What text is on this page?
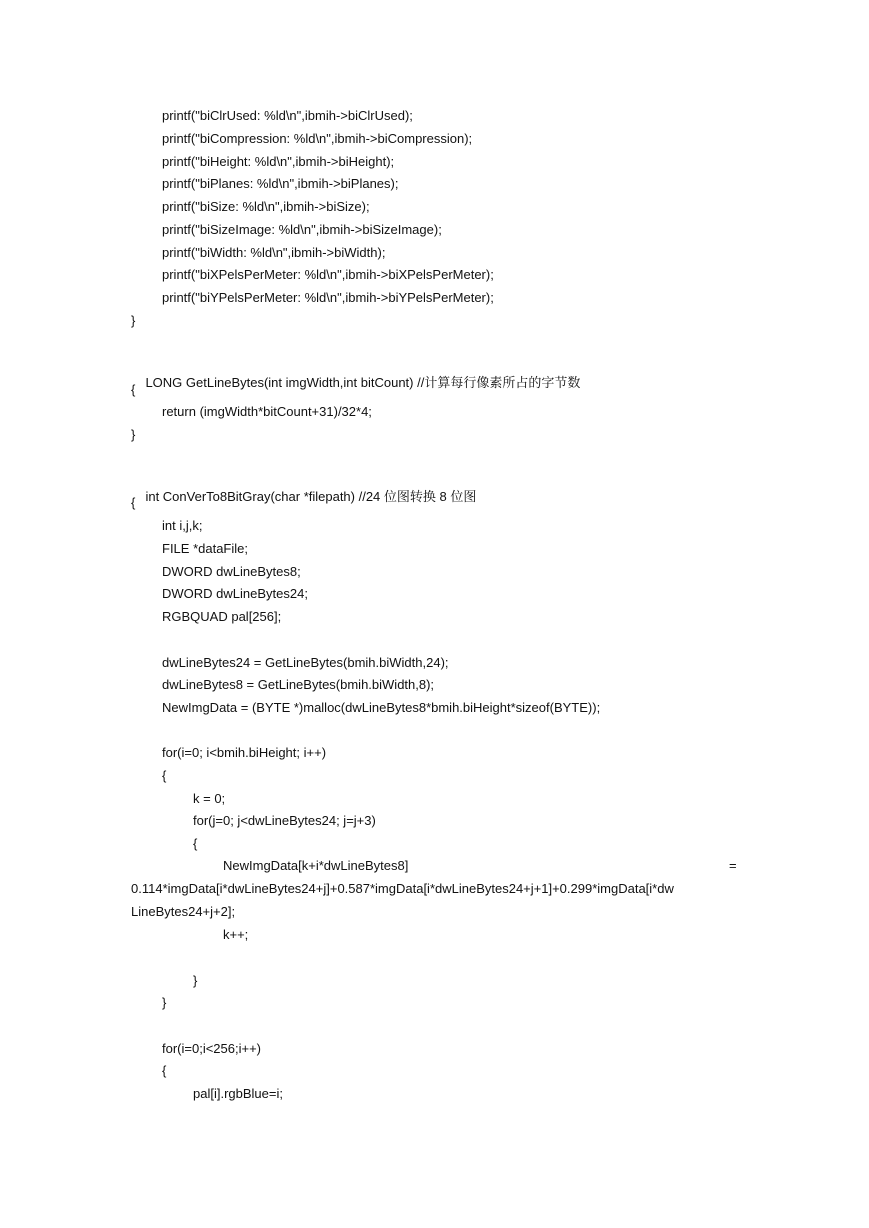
printf("biClrUsed: %ld\n",ibmih->biClrUsed);
printf("biCompression: %ld\n",ibmih->biCompression);
printf("biHeight: %ld\n",ibmih->biHeight);
printf("biPlanes: %ld\n",ibmih->biPlanes);
printf("biSize: %ld\n",ibmih->biSize);
printf("biSizeImage: %ld\n",ibmih->biSizeImage);
printf("biWidth: %ld\n",ibmih->biWidth);
printf("biXPelsPerMeter: %ld\n",ibmih->biXPelsPerMeter);
printf("biYPelsPerMeter: %ld\n",ibmih->biYPelsPerMeter);
}

LONG GetLineBytes(int imgWidth,int bitCount) //计算每行像素所占的字节数

{
return (imgWidth*bitCount+31)/32*4;
}

int ConVerTo8BitGray(char *filepath) //24 位图转换 8 位图

{
int i,j,k;
FILE *dataFile;
DWORD dwLineBytes8;
DWORD dwLineBytes24;
RGBQUAD pal[256];
dwLineBytes24 = GetLineBytes(bmih.biWidth,24);
dwLineBytes8 = GetLineBytes(bmih.biWidth,8);
NewImgData = (BYTE *)malloc(dwLineBytes8*bmih.biHeight*sizeof(BYTE));
for(i=0; i<bmih.biHeight; i++)
{
k = 0;
for(j=0; j<dwLineBytes24; j=j+3)
{
NewImgData[k+i*dwLineBytes8]	=
0.114*imgData[i*dwLineBytes24+j]+0.587*imgData[i*dwLineBytes24+j+1]+0.299*imgData[i*dw
LineBytes24+j+2];
k++;
}
}
for(i=0;i<256;i++)
{
pal[i].rgbBlue=i;
